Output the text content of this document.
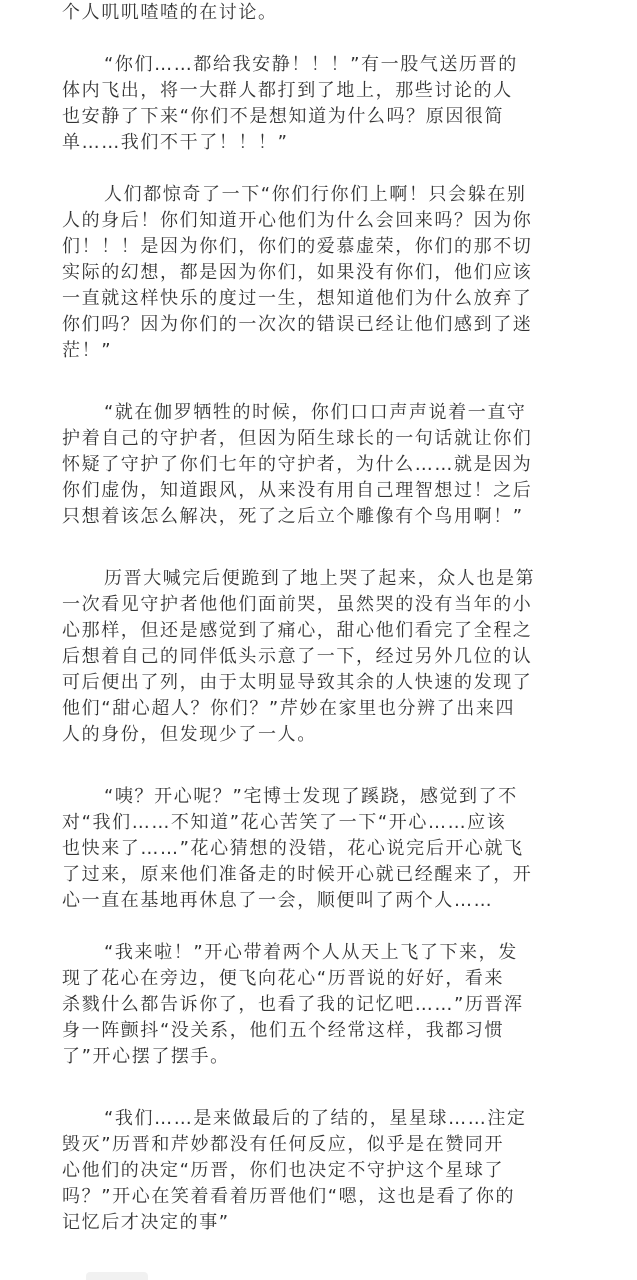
个人叽叽喳喳的在讨论。
“你们……都给我安静！！！”有一股气送历晋的
体内飞出，将一大群人都打到了地上，那些讨论的人
也安静了下来“你们不是想知道为什么吗？原因很简
单……我们不干了！！！”
人们都惊奇了一下“你们行你们上啊！只会躲在别
人的身后！你们知道开心他们为什么会回来吗？因为你
们！！！是因为你们，你们的爱慕虚荣，你们的那不切
实际的幻想，都是因为你们，如果没有你们，他们应该
一直就这样快乐的度过一生，想知道他们为什么放弃了
你们吗？因为你们的一次次的错误已经让他们感到了迷
茫！”
“就在伽罗牺牲的时候，你们口口声声说着一直守
护着自己的守护者，但因为陌生球长的一句话就让你们
怀疑了守护了你们七年的守护者，为什么……就是因为
你们虚伪，知道跟风，从来没有用自己理智想过！之后
只想着该怎么解决，死了之后立个雕像有个鸟用啊！”
历晋大喊完后便跪到了地上哭了起来，众人也是第
一次看见守护者他他们面前哭，虽然哭的没有当年的小
心那样，但还是感觉到了痛心，甜心他们看完了全程之
后想着自己的同伴低头示意了一下，经过另外几位的认
可后便出了列，由于太明显导致其余的人快速的发现了
他们“甜心超人？你们？”芹妙在家里也分辨了出来四
人的身份，但发现少了一人。
“咦？开心呢？”宅博士发现了蹊跷，感觉到了不
对“我们……不知道”花心苦笑了一下“开心……应该
也快来了……”花心猜想的没错，花心说完后开心就飞
了过来，原来他们准备走的时候开心就已经醒来了，开
心一直在基地再休息了一会，顺便叫了两个人……
“我来啦！”开心带着两个人从天上飞了下来，发
现了花心在旁边，便飞向花心“历晋说的好好，看来
杀戮什么都告诉你了，也看了我的记忆吧……”历晋浑
身一阵颤抖“没关系，他们五个经常这样，我都习惯
了”开心摆了摆手。
“我们……是来做最后的了结的，星星球……注定
毁灭”历晋和芹妙都没有任何反应，似乎是在赞同开
心他们的决定“历晋，你们也决定不守护这个星球了
吗？”开心在笑着看着历晋他们“嗯，这也是看了你的
记忆后才决定的事”
